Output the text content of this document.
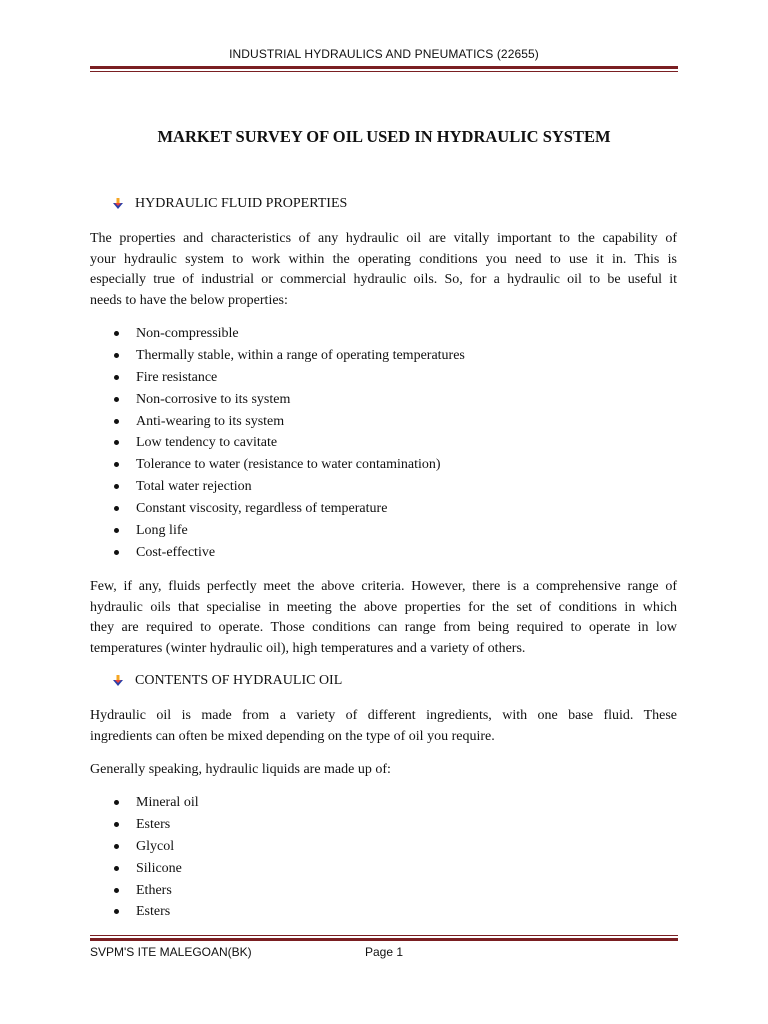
INDUSTRIAL HYDRAULICS AND PNEUMATICS (22655)
MARKET SURVEY OF OIL USED IN HYDRAULIC SYSTEM
HYDRAULIC FLUID PROPERTIES
The properties and characteristics of any hydraulic oil are vitally important to the capability of
your hydraulic system to work within the operating conditions you need to use it in. This is
especially true of industrial or commercial hydraulic oils. So, for a hydraulic oil to be useful it
needs to have the below properties:
Non-compressible
Thermally stable, within a range of operating temperatures
Fire resistance
Non-corrosive to its system
Anti-wearing to its system
Low tendency to cavitate
Tolerance to water (resistance to water contamination)
Total water rejection
Constant viscosity, regardless of temperature
Long life
Cost-effective
Few, if any, fluids perfectly meet the above criteria. However, there is a comprehensive range of
hydraulic oils that specialise in meeting the above properties for the set of conditions in which
they are required to operate. Those conditions can range from being required to operate in low
temperatures (winter hydraulic oil), high temperatures and a variety of others.
CONTENTS OF HYDRAULIC OIL
Hydraulic oil is made from a variety of different ingredients, with one base fluid. These
ingredients can often be mixed depending on the type of oil you require.
Generally speaking, hydraulic liquids are made up of:
Mineral oil
Esters
Glycol
Silicone
Ethers
Esters
SVPM'S ITE MALEGOAN(BK)	Page 1
